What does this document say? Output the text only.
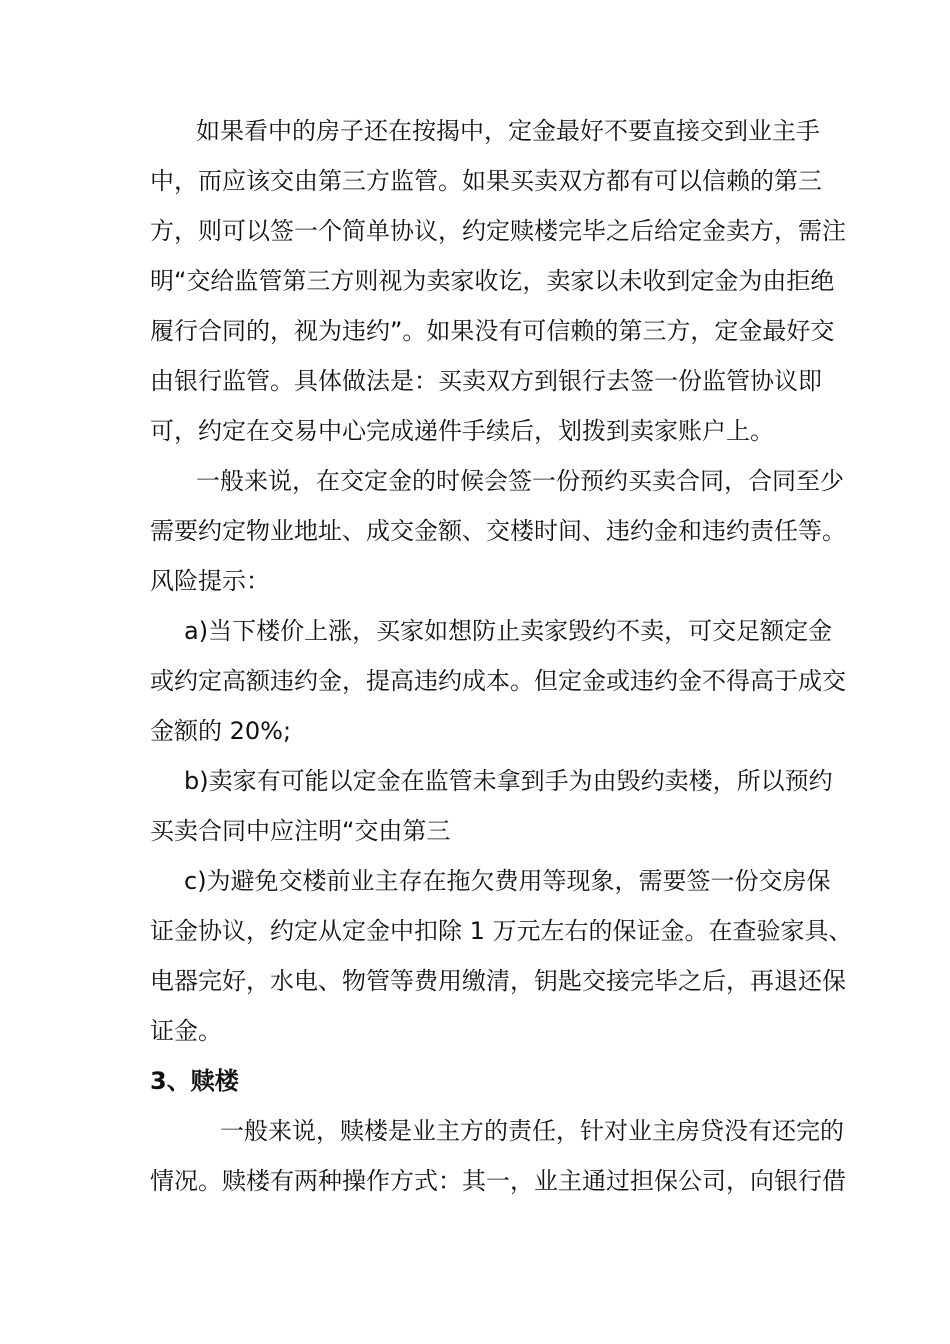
如果看中的房子还在按揭中，定金最好不要直接交到业主手
中，而应该交由第三方监管。如果买卖双方都有可以信赖的第三
方，则可以签一个简单协议，约定赎楼完毕之后给定金卖方，需注
明“交给监管第三方则视为卖家收讫，卖家以未收到定金为由拒绝
履行合同的，视为违约”。如果没有可信赖的第三方，定金最好交
由银行监管。具体做法是：买卖双方到银行去签一份监管协议即
可，约定在交易中心完成递件手续后，划拨到卖家账户上。
一般来说，在交定金的时候会签一份预约买卖合同，合同至少
需要约定物业地址、成交金额、交楼时间、违约金和违约责任等。
风险提示：
a)当下楼价上涨，买家如想防止卖家毁约不卖，可交足额定金
或约定高额违约金，提高违约成本。但定金或违约金不得高于成交
金额的 20%;
b)卖家有可能以定金在监管未拿到手为由毁约卖楼，所以预约
买卖合同中应注明“交由第三
c)为避免交楼前业主存在拖欠费用等现象，需要签一份交房保
证金协议，约定从定金中扣除 1 万元左右的保证金。在查验家具、
电器完好，水电、物管等费用缴清，钥匙交接完毕之后，再退还保
证金。
3、赎楼
一般来说，赎楼是业主方的责任，针对业主房贷没有还完的
情况。赎楼有两种操作方式：其一，业主通过担保公司，向银行借
